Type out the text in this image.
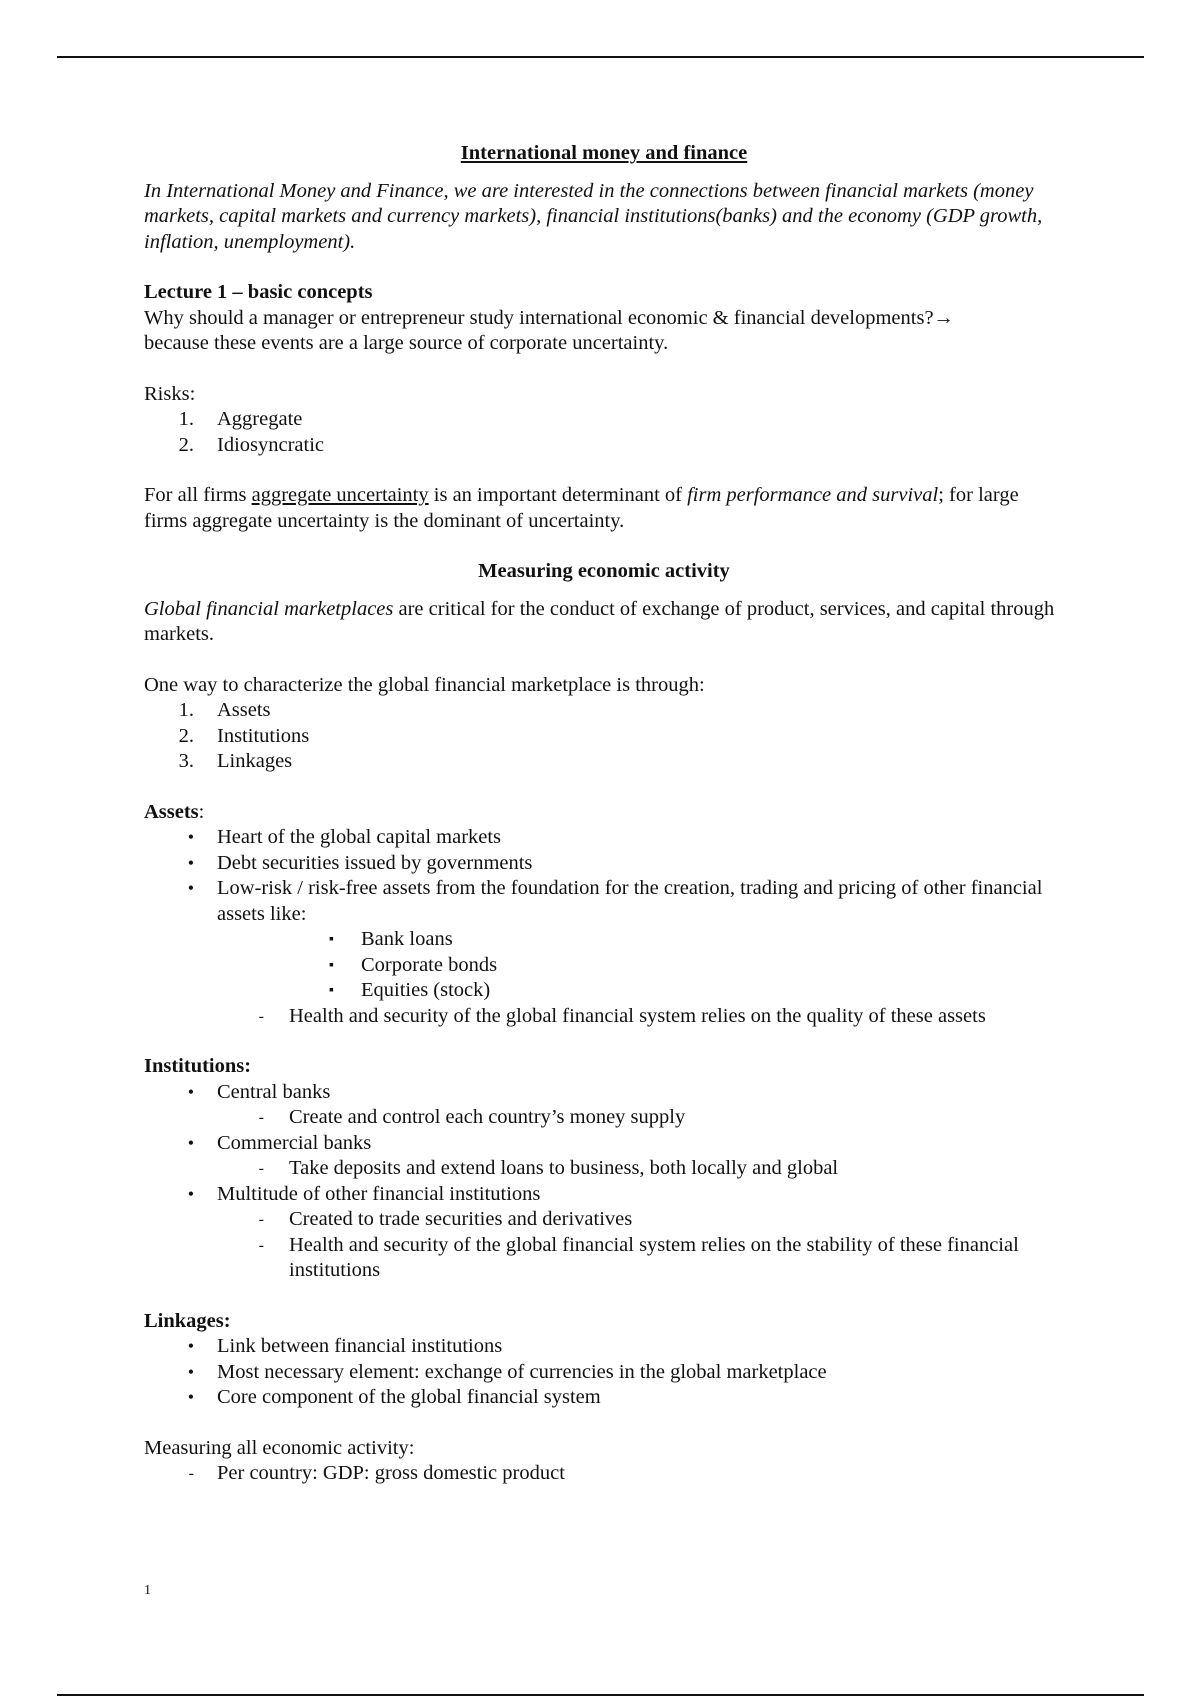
International money and finance

In International Money and Finance, we are interested in the connections between financial markets (money markets, capital markets and currency markets), financial institutions(banks) and the economy (GDP growth, inflation, unemployment).

Lecture 1 – basic concepts
Why should a manager or entrepreneur study international economic & financial developments?→

because these events are a large source of corporate uncertainty.

Risks:
1. Aggregate
2. Idiosyncratic

For all firms aggregate uncertainty is an important determinant of firm performance and survival; for large firms aggregate uncertainty is the dominant of uncertainty.

Measuring economic activity

Global financial marketplaces are critical for the conduct of exchange of product, services, and capital through markets.

One way to characterize the global financial marketplace is through:
1. Assets
2. Institutions
3. Linkages
Assets:
• Heart of the global capital markets
• Debt securities issued by governments
• Low-risk / risk-free assets from the foundation for the creation, trading and pricing of other financial assets like:
▪ Bank loans
▪ Corporate bonds
▪ Equities (stock)
- Health and security of the global financial system relies on the quality of these assets
Institutions:
• Central banks
- Create and control each country’s money supply
• Commercial banks
- Take deposits and extend loans to business, both locally and global
• Multitude of other financial institutions
- Created to trade securities and derivatives
- Health and security of the global financial system relies on the stability of these financial institutions
Linkages:
• Link between financial institutions
• Most necessary element: exchange of currencies in the global marketplace
• Core component of the global financial system
Measuring all economic activity:
- Per country: GDP: gross domestic product
1
